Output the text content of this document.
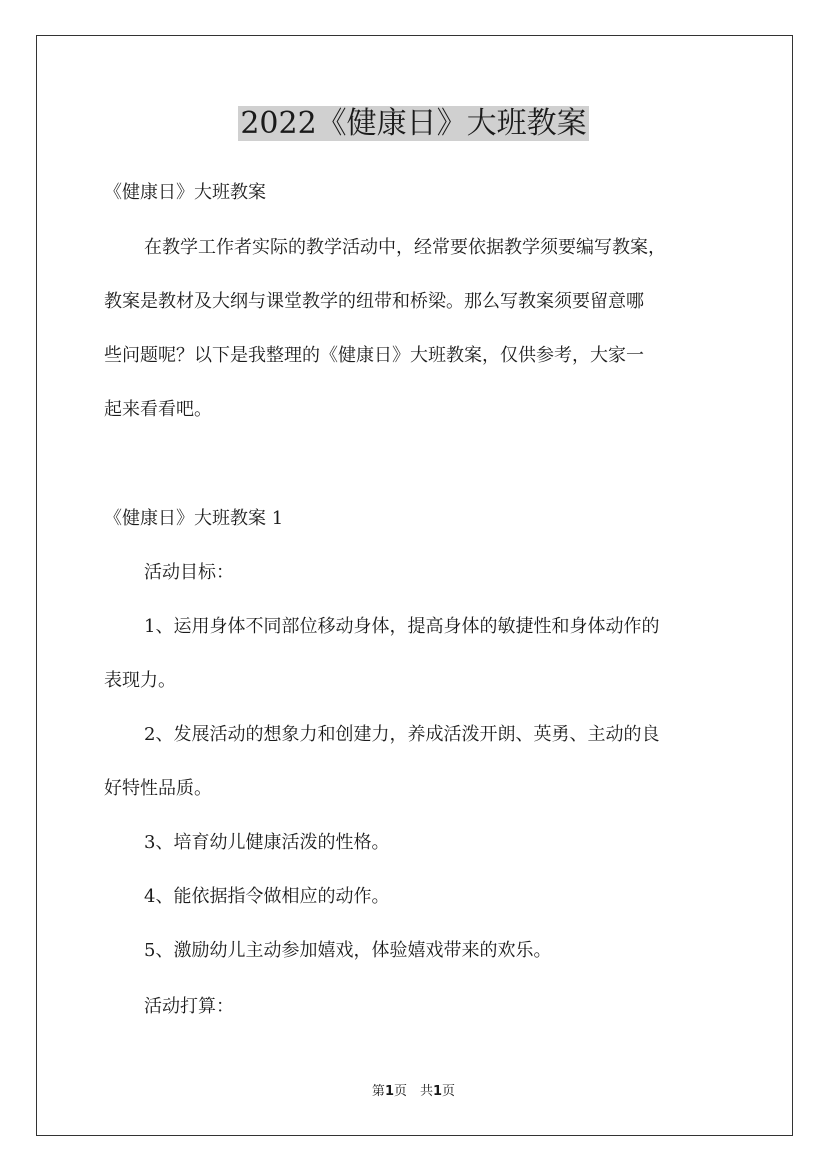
2022《健康日》大班教案
《健康日》大班教案
在教学工作者实际的教学活动中，经常要依据教学须要编写教案，
教案是教材及大纲与课堂教学的纽带和桥梁。那么写教案须要留意哪
些问题呢？以下是我整理的《健康日》大班教案，仅供参考，大家一
起来看看吧。
《健康日》大班教案 1
活动目标：
1、运用身体不同部位移动身体，提高身体的敏捷性和身体动作的
表现力。
2、发展活动的想象力和创建力，养成活泼开朗、英勇、主动的良
好特性品质。
3、培育幼儿健康活泼的性格。
4、能依据指令做相应的动作。
5、激励幼儿主动参加嬉戏，体验嬉戏带来的欢乐。
活动打算：
第1页　共1页
